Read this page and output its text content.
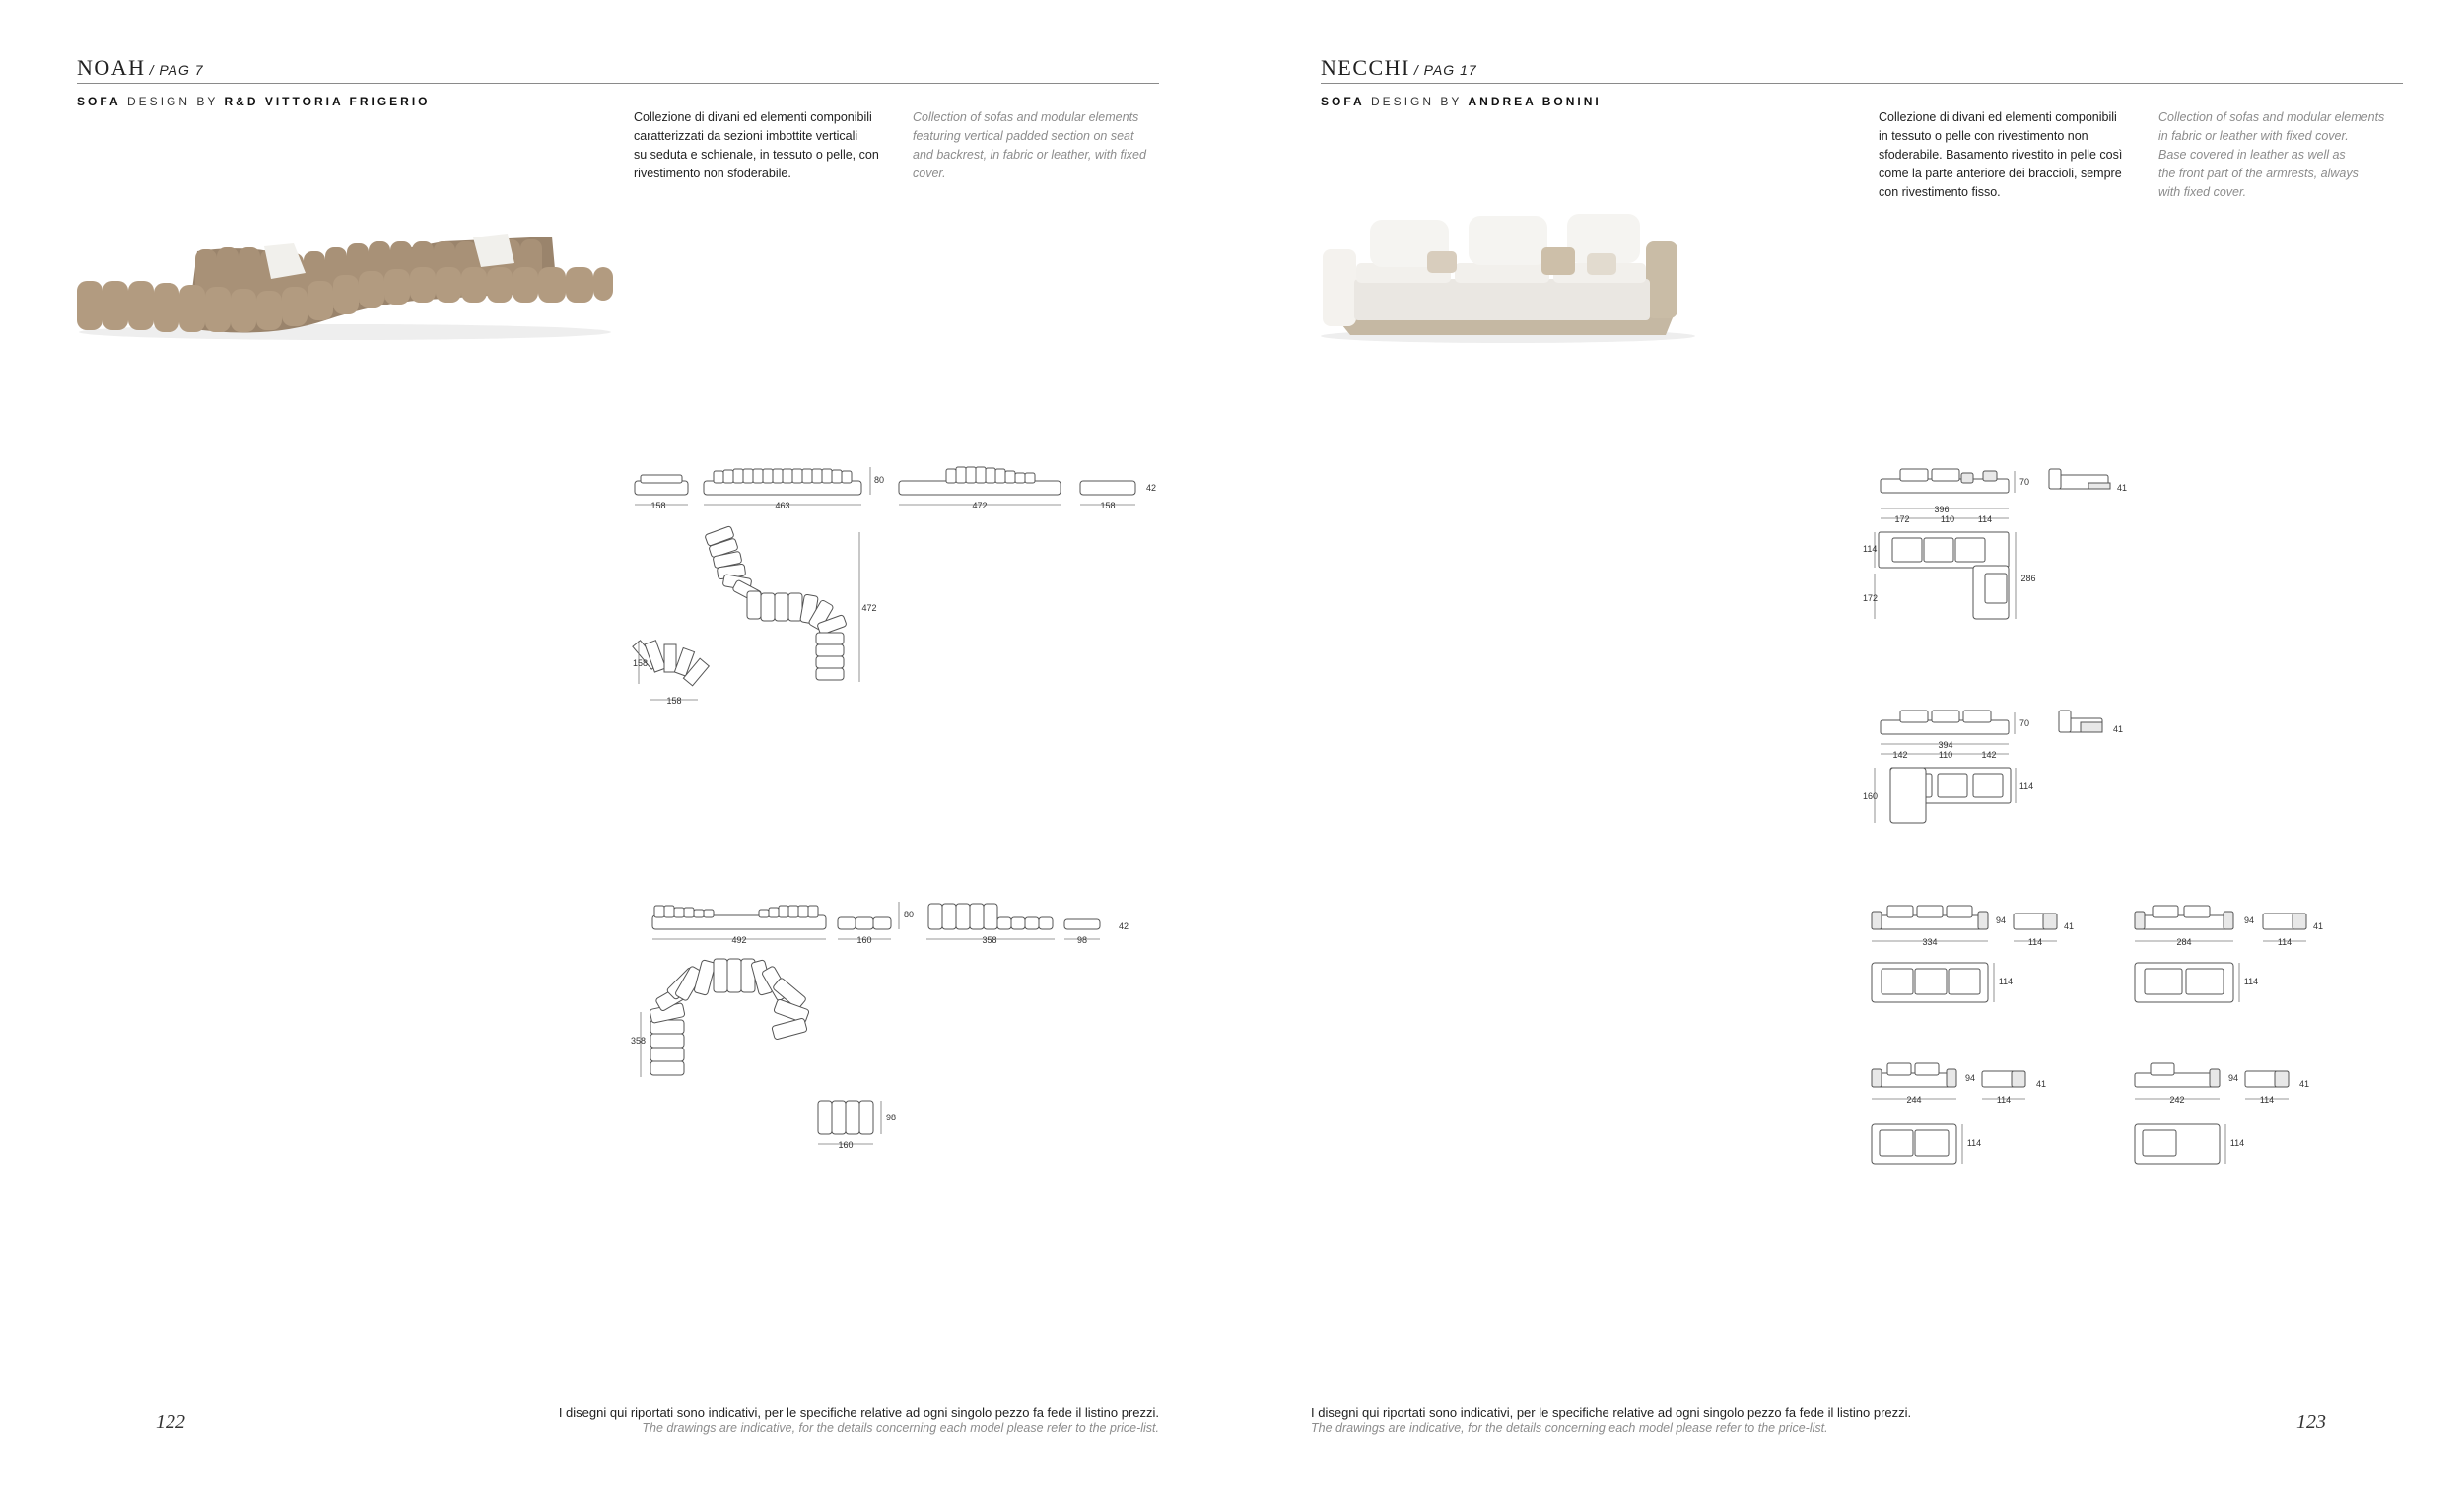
NOAH / PAG 7
SOFA DESIGN BY R&D VITTORIA FRIGERIO
Collezione di divani ed elementi componibili
caratterizzati da sezioni imbottite verticali
su seduta e schienale, in tessuto o pelle, con
rivestimento non sfoderabile.
Collection of sofas and modular elements
featuring vertical padded section on seat
and backrest, in fabric or leather, with fixed
cover.
158	463
80
472	158
42
472
158
158
492	160
80
358	98
42
358
98
160
I disegni qui riportati sono indicativi, per le specifiche relative ad ogni singolo pezzo fa fede il listino prezzi.
The drawings are indicative, for the details concerning each model please refer to the price-list.
122
NECCHI / PAG 17
SOFA DESIGN BY ANDREA BONINI
Collezione di divani ed elementi componibili
in tessuto o pelle con rivestimento non
sfoderabile. Basamento rivestito in pelle così
come la parte anteriore dei braccioli, sempre
con rivestimento fisso.
Collection of sofas and modular elements
in fabric or leather with fixed cover.
Base covered in leather as well as
the front part of the armrests, always
with fixed cover.
396
172	110	114
70
114
172
286
41
394
142	110	142
70
160
114
41
334
94
114
41
114
284
94
114
41
114
244
94
114
41
114
242
94
114
41
114
I disegni qui riportati sono indicativi, per le specifiche relative ad ogni singolo pezzo fa fede il listino prezzi.
The drawings are indicative, for the details concerning each model please refer to the price-list.	123
